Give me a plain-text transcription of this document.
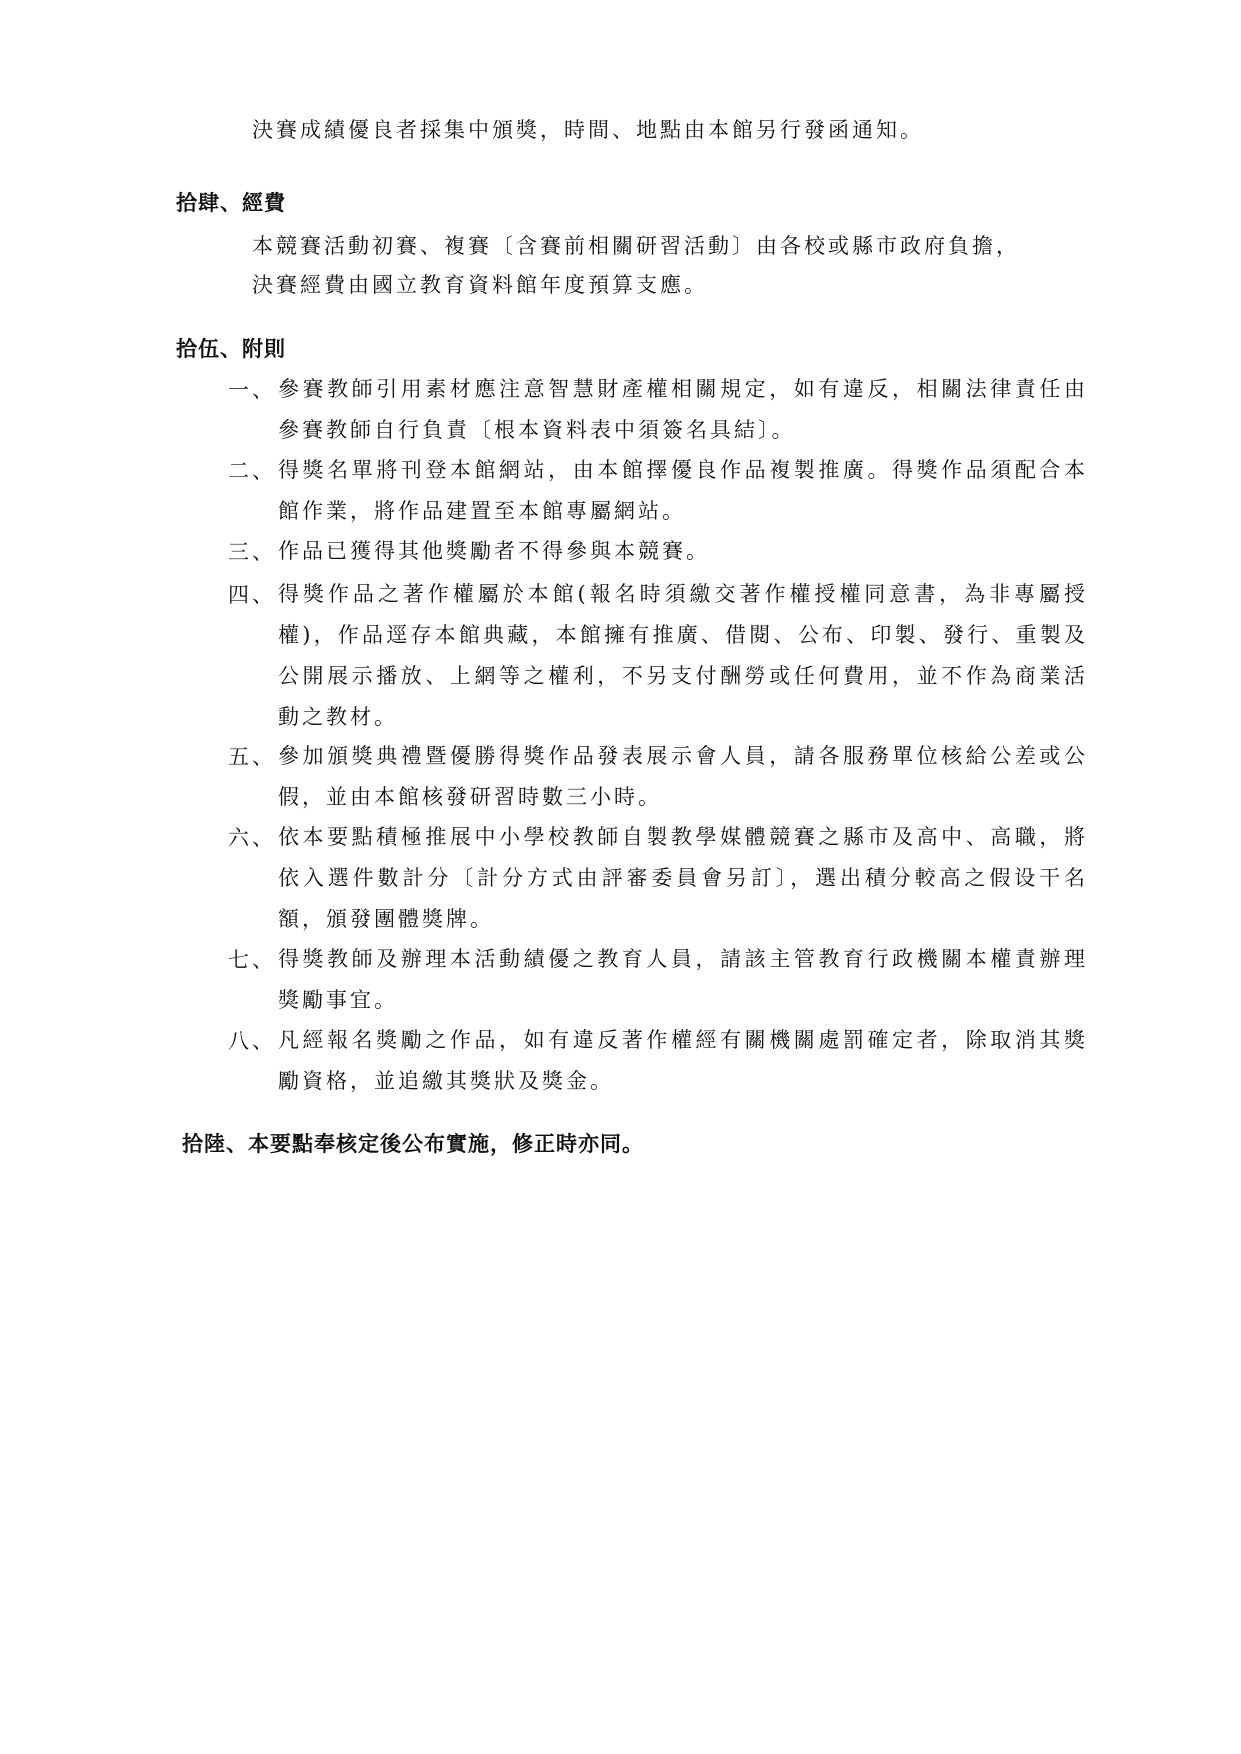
決賽成績優良者採集中頒獎，時間、地點由本館另行發函通知。
拾肆、經費
本競賽活動初賽、複賽〔含賽前相關研習活動〕由各校或縣市政府負擔，
決賽經費由國立教育資料館年度預算支應。
拾伍、附則
一、 參賽教師引用素材應注意智慧財產權相關規定，如有違反，相關法律責任由參賽教師自行負責〔根本資料表中須簽名具結〕。
二、 得獎名單將刊登本館網站，由本館擇優良作品複製推廣。得獎作品須配合本館作業，將作品建置至本館專屬網站。
三、 作品已獲得其他獎勵者不得參與本競賽。
四、 得獎作品之著作權屬於本館(報名時須繳交著作權授權同意書，為非專屬授權)，作品逕存本館典藏，本館擁有推廣、借閱、公布、印製、發行、重製及公開展示播放、上網等之權利，不另支付酬勞或任何費用，並不作為商業活動之教材。
五、 參加頒獎典禮暨優勝得獎作品發表展示會人員，請各服務單位核給公差或公假，並由本館核發研習時數三小時。
六、 依本要點積極推展中小學校教師自製教學媒體競賽之縣市及高中、高職，將依入選件數計分〔計分方式由評審委員會另訂〕，選出積分較高之假设干名額，頒發團體獎牌。
七、 得獎教師及辦理本活動績優之教育人員，請該主管教育行政機關本權責辦理獎勵事宜。
八、 凡經報名獎勵之作品，如有違反著作權經有關機關處罰確定者，除取消其獎勵資格，並追繳其獎狀及獎金。
拾陸、本要點奉核定後公布實施，修正時亦同。
